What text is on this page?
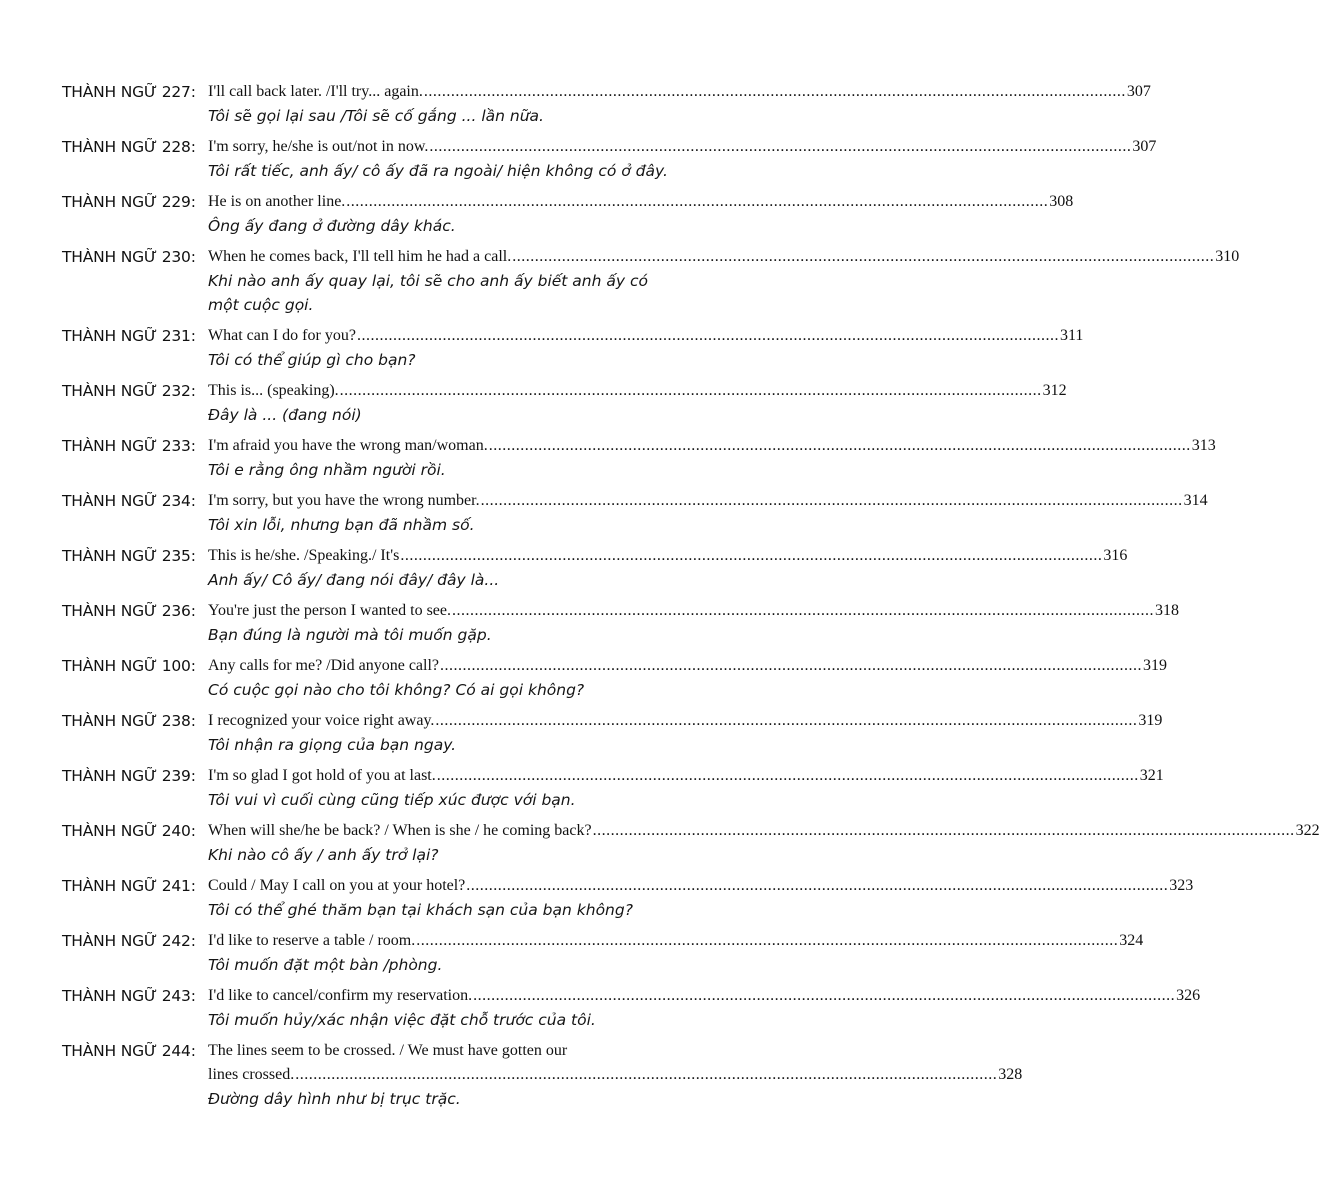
THÀNH NGỮ 227: I'll call back later. /I'll try... again. .....	307
Tôi sẽ gọi lại sau /Tôi sẽ cố gắng ... lần nữa.
THÀNH NGỮ 228: I'm sorry, he/she is out/not in now. .....	307
Tôi rất tiếc, anh ấy/ cô ấy đã ra ngoài/ hiện không có ở đây.
THÀNH NGỮ 229: He is on another line. .....	308
Ông ấy đang ở đường dây khác.
THÀNH NGỮ 230: When he comes back, I'll tell him he had a call. .....	310
Khi nào anh ấy quay lại, tôi sẽ cho anh ấy biết anh ấy có
một cuộc gọi.
THÀNH NGỮ 231: What can I do for you? .....	311
Tôi có thể giúp gì cho bạn?
THÀNH NGỮ 232: This is... (speaking). .....	312
Đây là ... (đang nói)
THÀNH NGỮ 233: I'm afraid you have the wrong man/woman. .....	313
Tôi e rằng ông nhầm người rồi.
THÀNH NGỮ 234: I'm sorry, but you have the wrong number. .....	314
Tôi xin lỗi, nhưng bạn đã nhầm số.
THÀNH NGỮ 235: This is he/she. /Speaking./ It's .....	316
Anh ấy/ Cô ấy/ đang nói đây/ đây là...
THÀNH NGỮ 236: You're just the person I wanted to see. .....	318
Bạn đúng là người mà tôi muốn gặp.
THÀNH NGỮ 100: Any calls for me? /Did anyone call? .....	319
Có cuộc gọi nào cho tôi không? Có ai gọi không?
THÀNH NGỮ 238: I recognized your voice right away. .....	319
Tôi nhận ra giọng của bạn ngay.
THÀNH NGỮ 239: I'm so glad I got hold of you at last. .....	321
Tôi vui vì cuối cùng cũng tiếp xúc được với bạn.
THÀNH NGỮ 240: When will she/he be back? / When is she / he coming back? .....	322
Khi nào cô ấy / anh ấy trở lại?
THÀNH NGỮ 241: Could / May I call on you at your hotel? .....	323
Tôi có thể ghé thăm bạn tại khách sạn của bạn không?
THÀNH NGỮ 242: I'd like to reserve a table / room. .....	324
Tôi muốn đặt một bàn /phòng.
THÀNH NGỮ 243: I'd like to cancel/confirm my reservation. .....	326
Tôi muốn hủy/xác nhận việc đặt chỗ trước của tôi.
THÀNH NGỮ 244: The lines seem to be crossed. / We must have gotten our
lines crossed. .....	328
Đường dây hình như bị trục trặc.
